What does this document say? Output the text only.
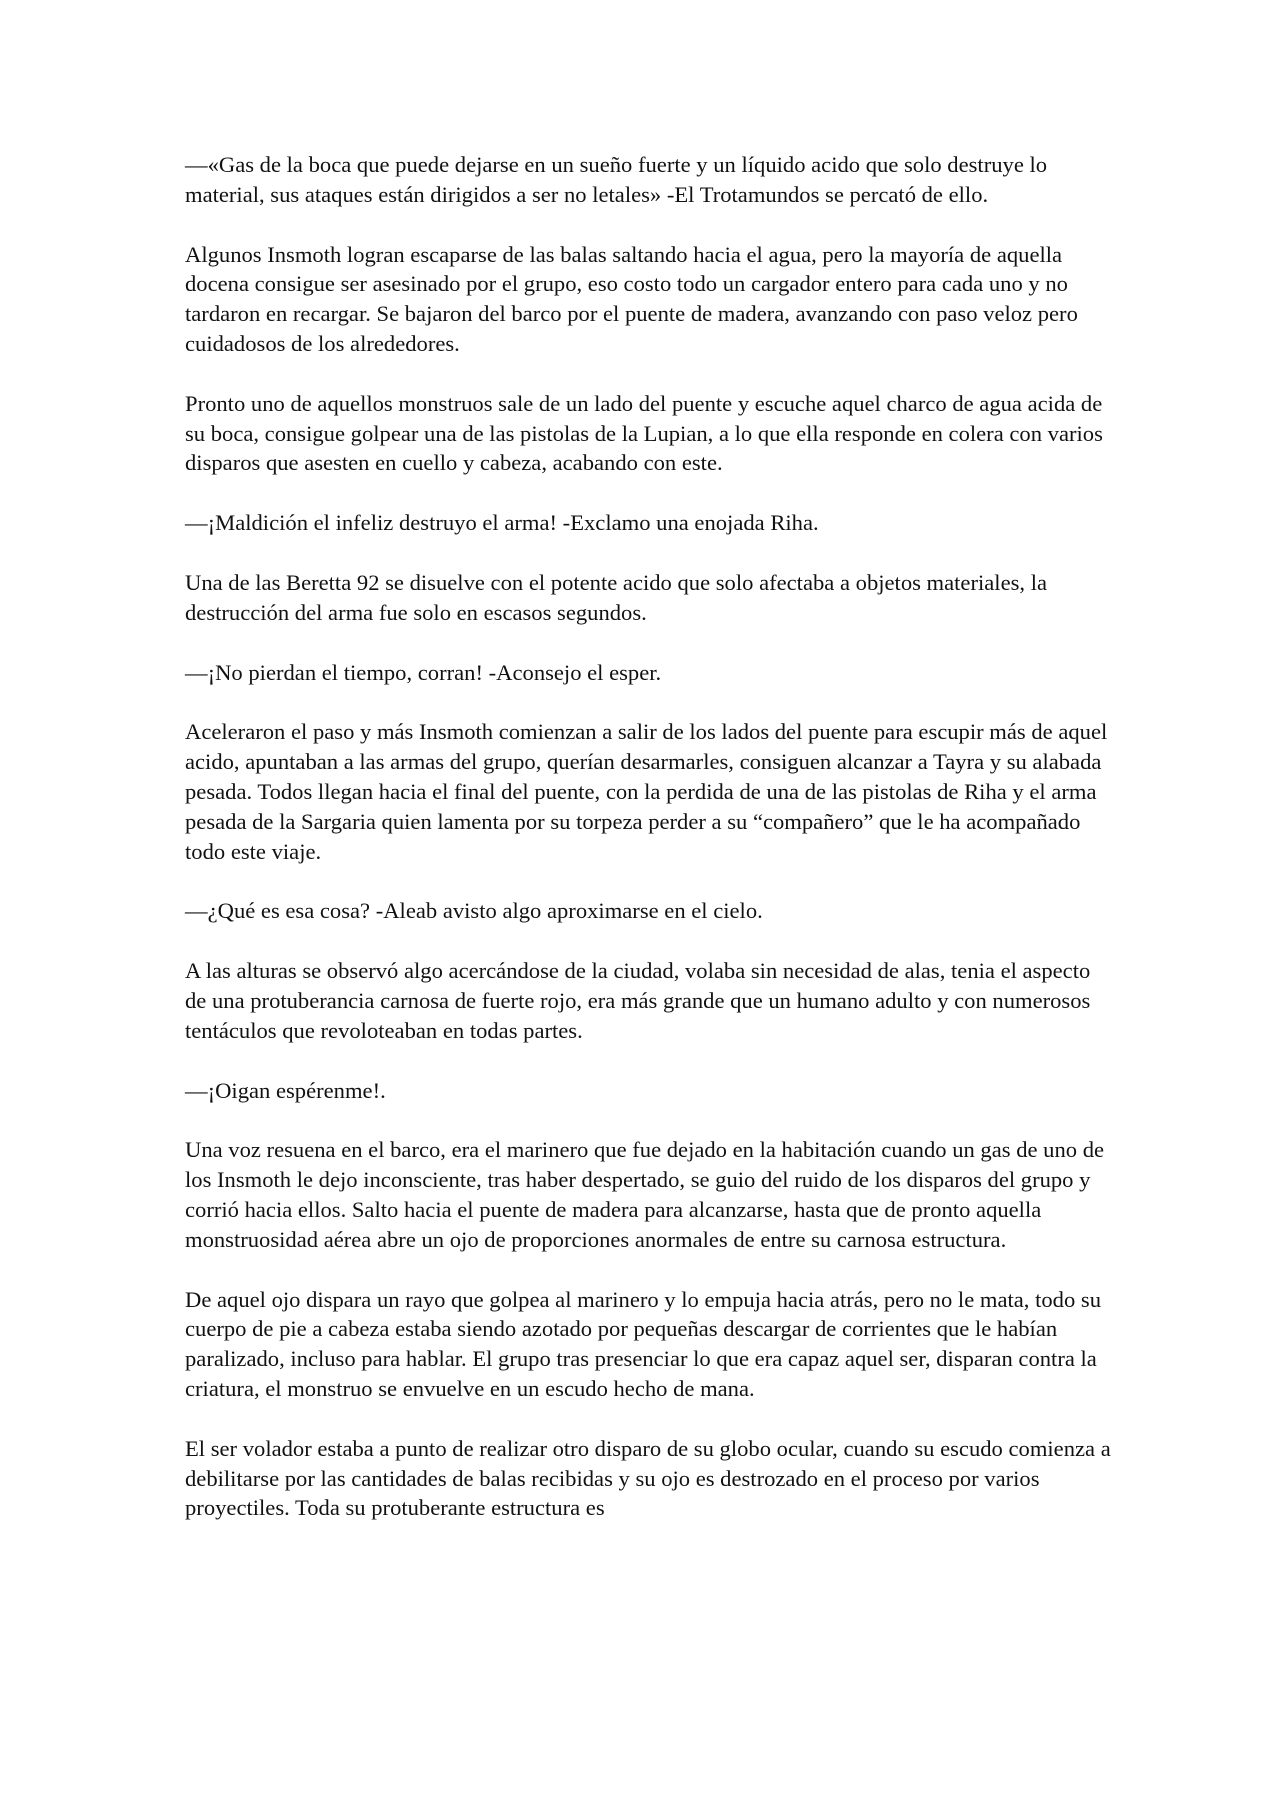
—«Gas de la boca que puede dejarse en un sueño fuerte y un líquido acido que solo destruye lo material, sus ataques están dirigidos a ser no letales» -El Trotamundos se percató de ello.

Algunos Insmoth logran escaparse de las balas saltando hacia el agua, pero la mayoría de aquella docena consigue ser asesinado por el grupo, eso costo todo un cargador entero para cada uno y no tardaron en recargar. Se bajaron del barco por el puente de madera, avanzando con paso veloz pero cuidadosos de los alrededores.

Pronto uno de aquellos monstruos sale de un lado del puente y escuche aquel charco de agua acida de su boca, consigue golpear una de las pistolas de la Lupian, a lo que ella responde en colera con varios disparos que asesten en cuello y cabeza, acabando con este.

—¡Maldición el infeliz destruyo el arma! -Exclamo una enojada Riha.

Una de las Beretta 92 se disuelve con el potente acido que solo afectaba a objetos materiales, la destrucción del arma fue solo en escasos segundos.

—¡No pierdan el tiempo, corran! -Aconsejo el esper.

Aceleraron el paso y más Insmoth comienzan a salir de los lados del puente para escupir más de aquel acido, apuntaban a las armas del grupo, querían desarmarles, consiguen alcanzar a Tayra y su alabada pesada. Todos llegan hacia el final del puente, con la perdida de una de las pistolas de Riha y el arma pesada de la Sargaria quien lamenta por su torpeza perder a su “compañero” que le ha acompañado todo este viaje.

—¿Qué es esa cosa? -Aleab avisto algo aproximarse en el cielo.

A las alturas se observó algo acercándose de la ciudad, volaba sin necesidad de alas, tenia el aspecto de una protuberancia carnosa de fuerte rojo, era más grande que un humano adulto y con numerosos tentáculos que revoloteaban en todas partes.

—¡Oigan espérenme!.

Una voz resuena en el barco, era el marinero que fue dejado en la habitación cuando un gas de uno de los Insmoth le dejo inconsciente, tras haber despertado, se guio del ruido de los disparos del grupo y corrió hacia ellos. Salto hacia el puente de madera para alcanzarse, hasta que de pronto aquella monstruosidad aérea abre un ojo de proporciones anormales de entre su carnosa estructura.

De aquel ojo dispara un rayo que golpea al marinero y lo empuja hacia atrás, pero no le mata, todo su cuerpo de pie a cabeza estaba siendo azotado por pequeñas descargar de corrientes que le habían paralizado, incluso para hablar. El grupo tras presenciar lo que era capaz aquel ser, disparan contra la criatura, el monstruo se envuelve en un escudo hecho de mana.

El ser volador estaba a punto de realizar otro disparo de su globo ocular, cuando su escudo comienza a debilitarse por las cantidades de balas recibidas y su ojo es destrozado en el proceso por varios proyectiles. Toda su protuberante estructura es
